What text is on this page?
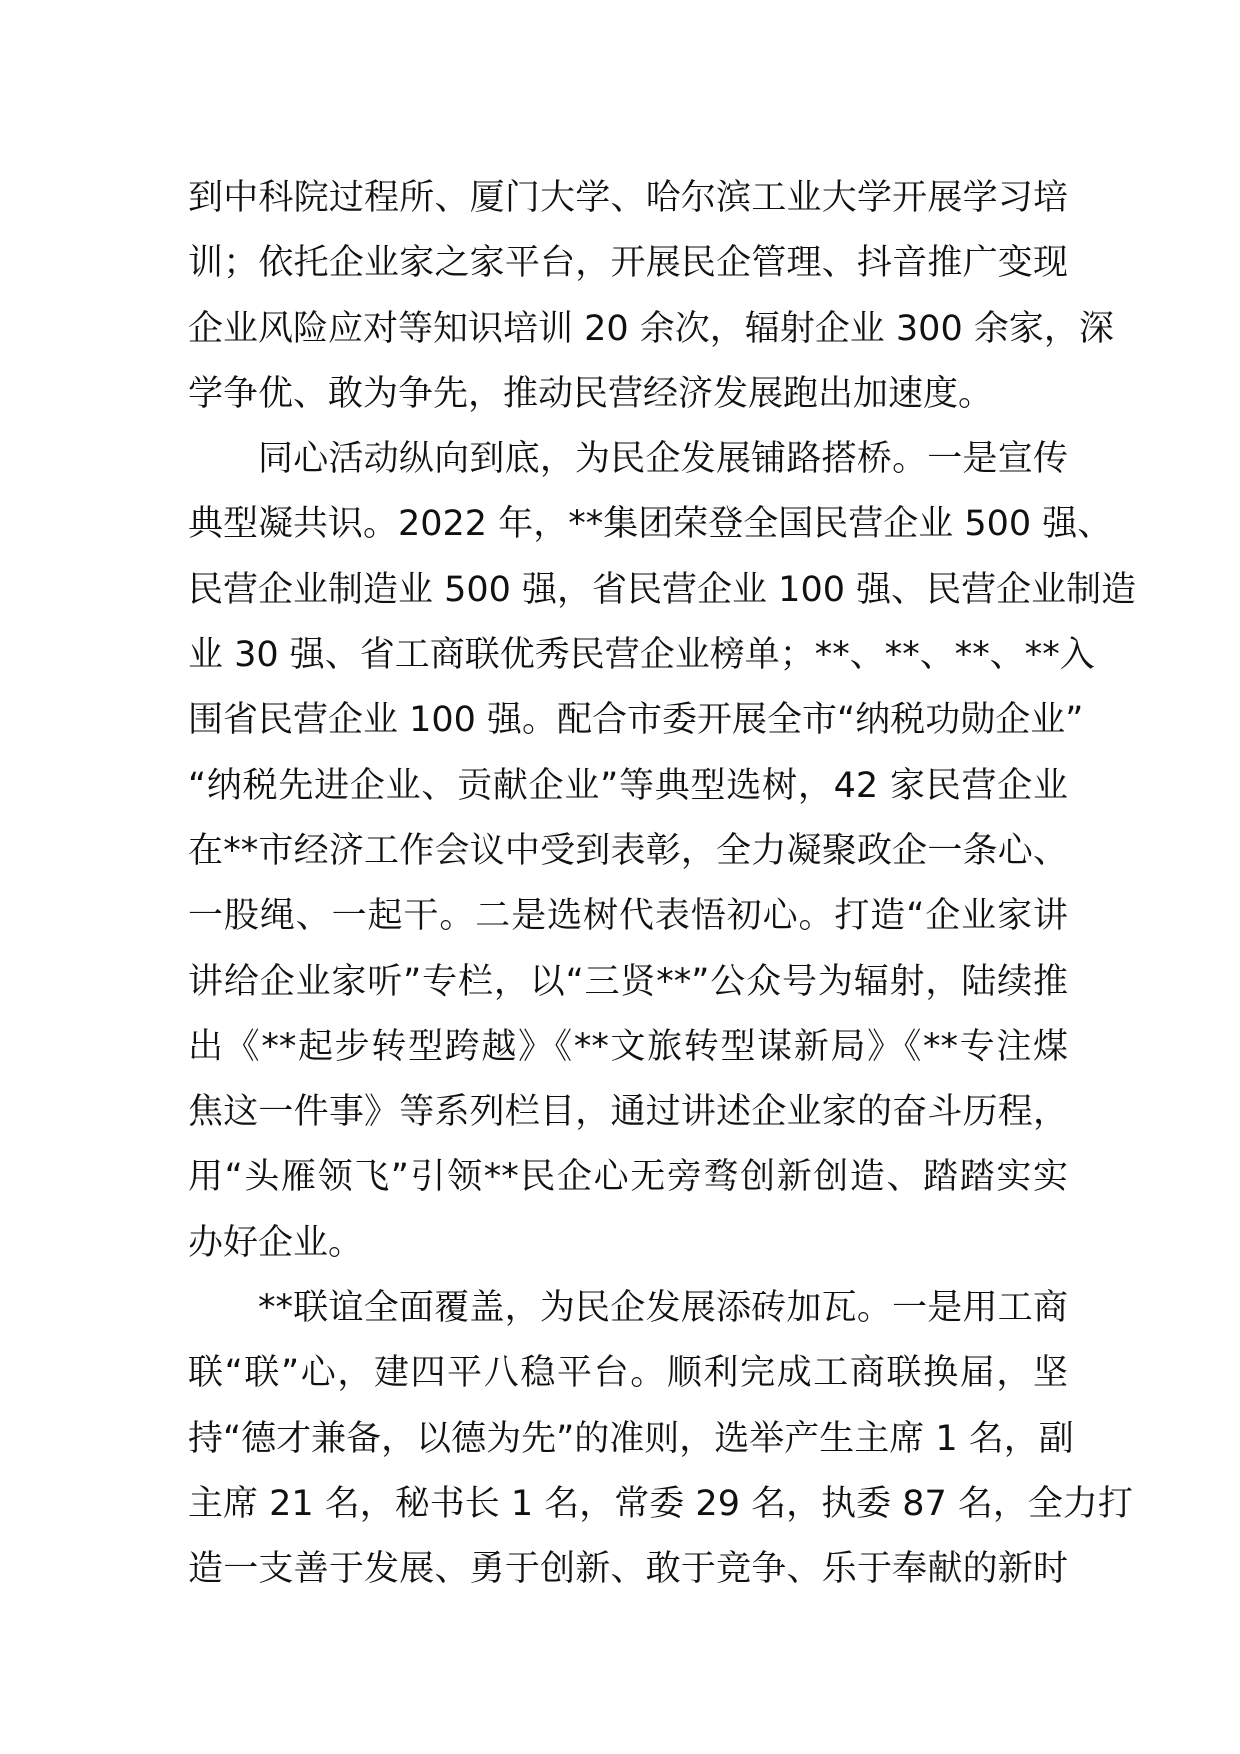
到中科院过程所、厦门大学、哈尔滨工业大学开展学习培
训；依托企业家之家平台，开展民企管理、抖音推广变现
企业风险应对等知识培训 20 余次，辐射企业 300 余家，深
学争优、敢为争先，推动民营经济发展跑出加速度。
同心活动纵向到底，为民企发展铺路搭桥。一是宣传
典型凝共识。2022 年，**集团荣登全国民营企业 500 强、
民营企业制造业 500 强，省民营企业 100 强、民营企业制造
业 30 强、省工商联优秀民营企业榜单；**、**、**、**入
围省民营企业 100 强。配合市委开展全市“纳税功勋企业”
“纳税先进企业、贡献企业”等典型选树，42 家民营企业
在**市经济工作会议中受到表彰，全力凝聚政企一条心、
一股绳、一起干。二是选树代表悟初心。打造“企业家讲
讲给企业家听”专栏，以“三贤**”公众号为辐射，陆续推
出《**起步转型跨越》《**文旅转型谋新局》《**专注煤
焦这一件事》等系列栏目，通过讲述企业家的奋斗历程，
用“头雁领飞”引领**民企心无旁骛创新创造、踏踏实实
办好企业。
**联谊全面覆盖，为民企发展添砖加瓦。一是用工商
联“联”心，建四平八稳平台。顺利完成工商联换届，坚
持“德才兼备，以德为先”的准则，选举产生主席 1 名，副
主席 21 名，秘书长 1 名，常委 29 名，执委 87 名，全力打
造一支善于发展、勇于创新、敢于竞争、乐于奉献的新时
